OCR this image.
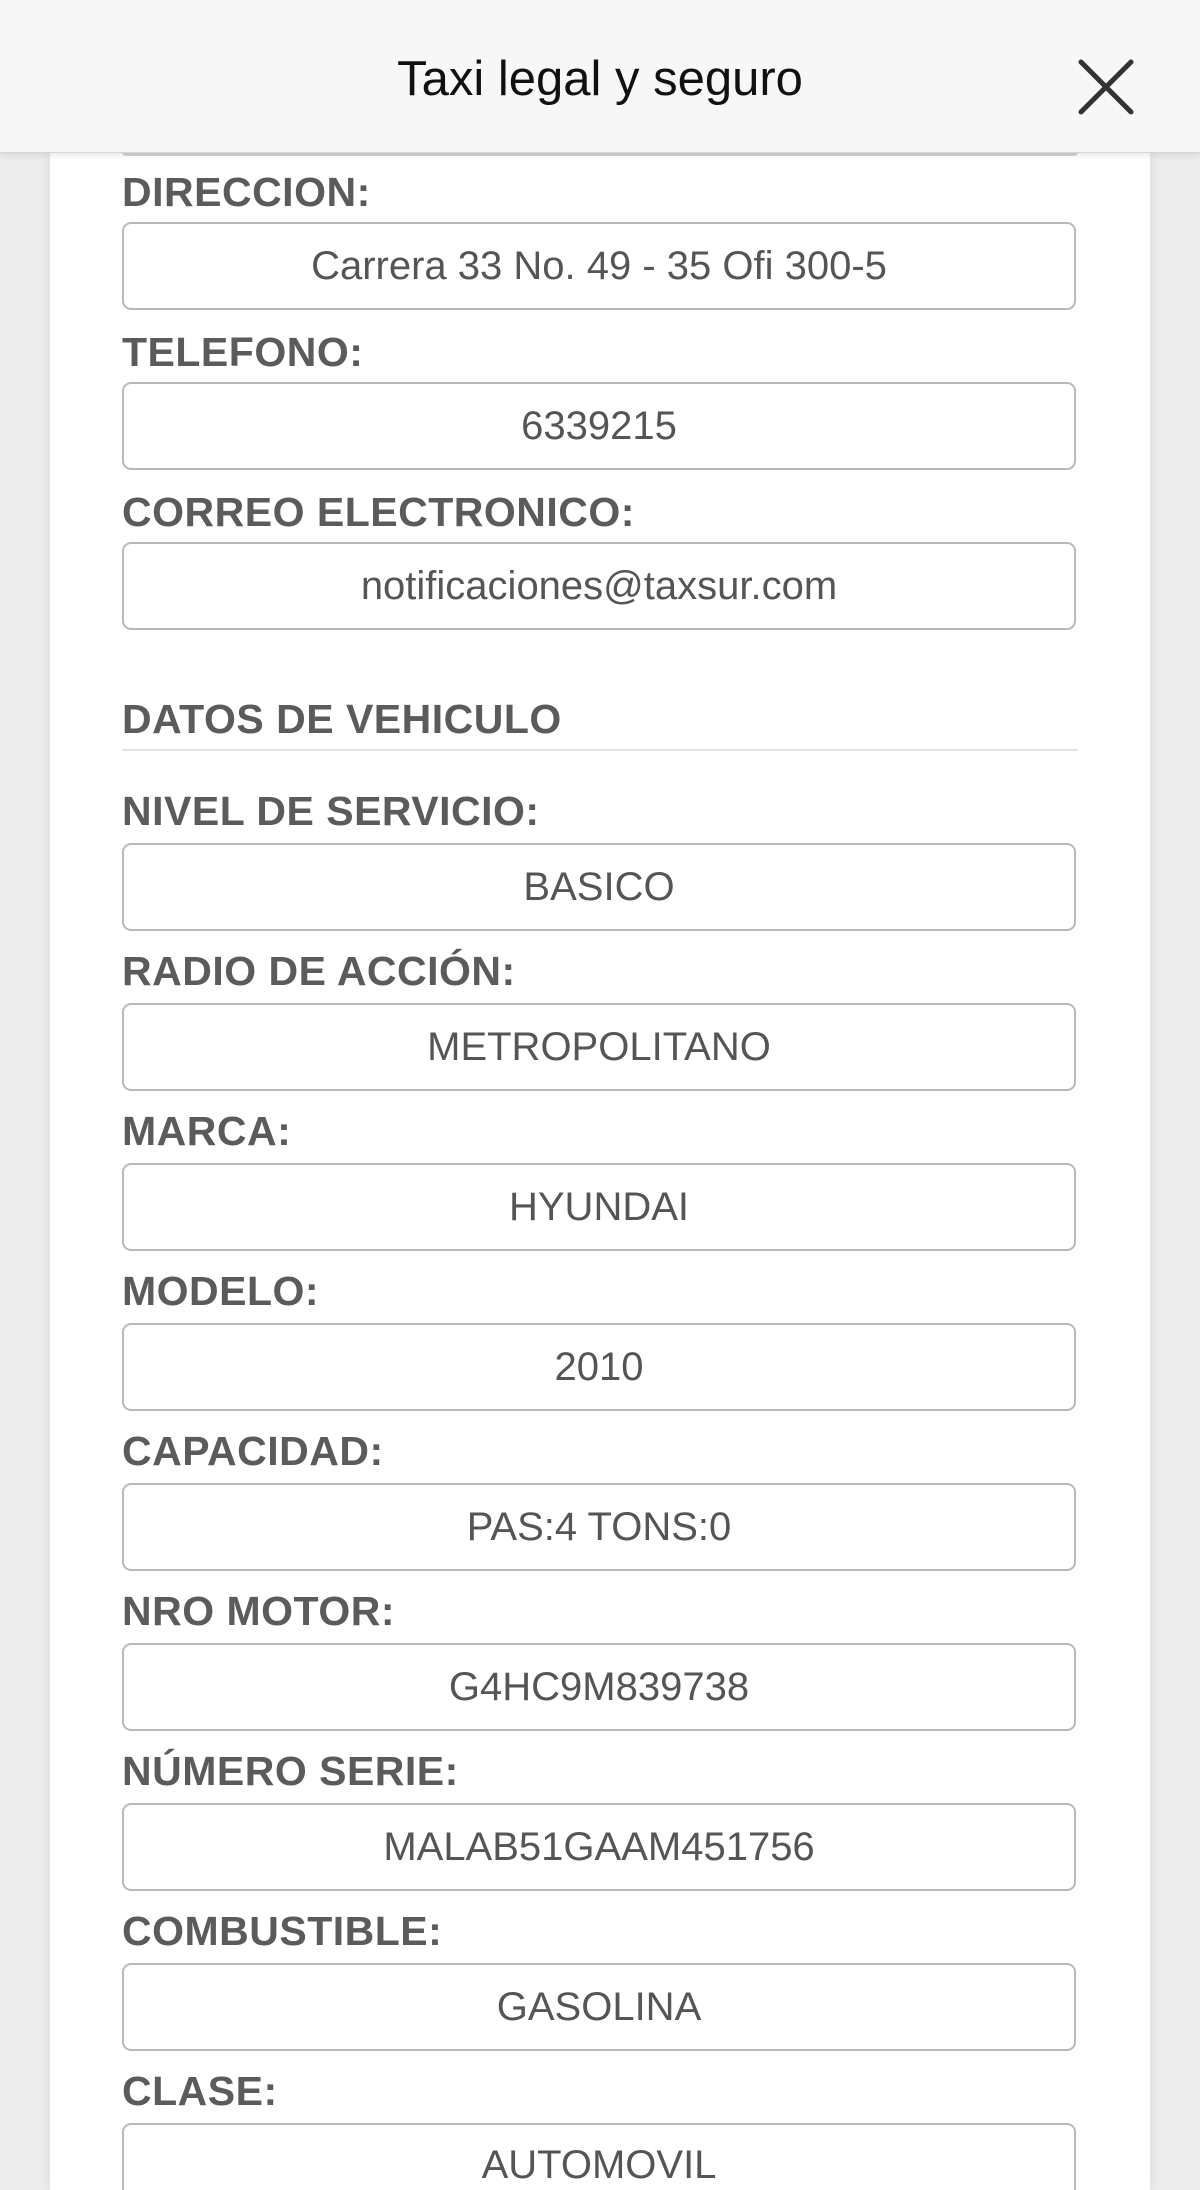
Taxi legal y seguro
DIRECCION:
Carrera 33 No. 49 - 35 Ofi 300-5
TELEFONO:
6339215
CORREO ELECTRONICO:
notificaciones@taxsur.com
DATOS DE VEHICULO
NIVEL DE SERVICIO:
BASICO
RADIO DE ACCIÓN:
METROPOLITANO
MARCA:
HYUNDAI
MODELO:
2010
CAPACIDAD:
PAS:4 TONS:0
NRO MOTOR:
G4HC9M839738
NÚMERO SERIE:
MALAB51GAAM451756
COMBUSTIBLE:
GASOLINA
CLASE:
AUTOMOVIL
